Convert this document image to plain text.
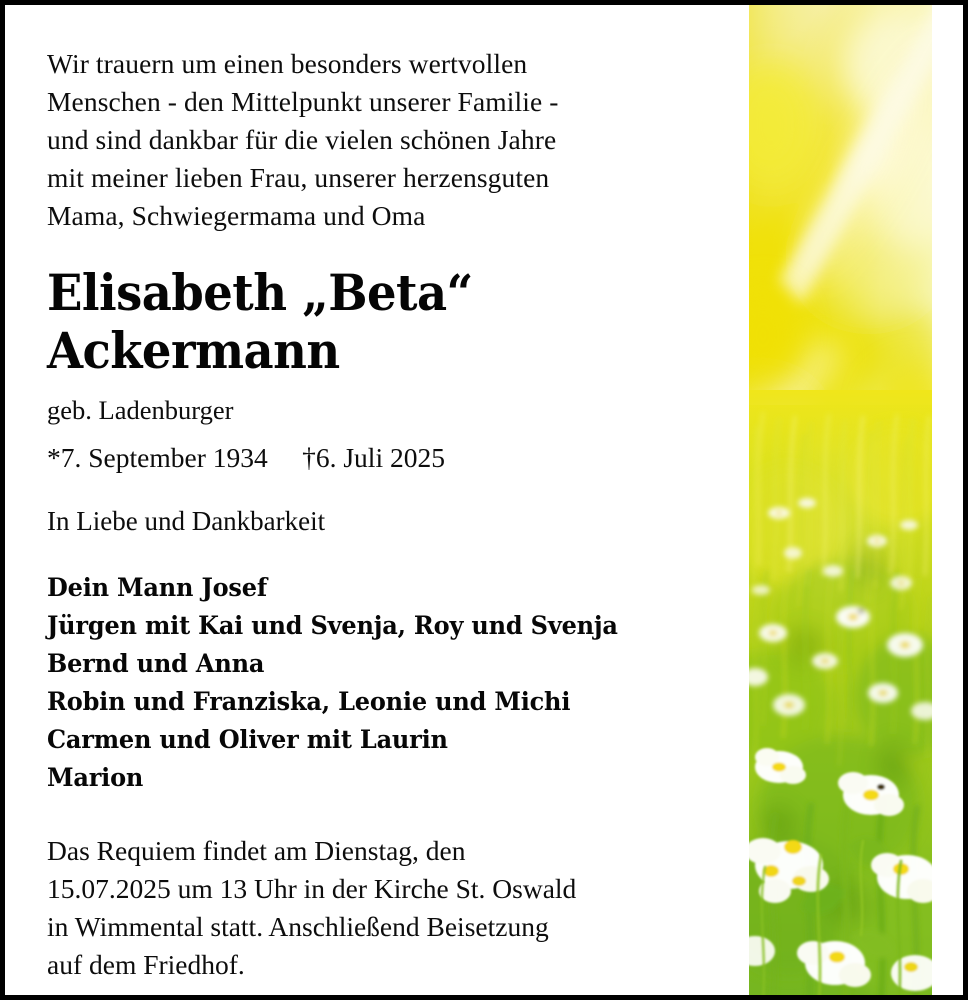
Wir trauern um einen besonders wertvollen
Menschen - den Mittelpunkt unserer Familie -
und sind dankbar für die vielen schönen Jahre
mit meiner lieben Frau, unserer herzensguten
Mama, Schwiegermama und Oma
Elisabeth „Beta“
Ackermann
geb. Ladenburger
*7. September 1934     †6. Juli 2025
In Liebe und Dankbarkeit
Dein Mann Josef
Jürgen mit Kai und Svenja, Roy und Svenja
Bernd und Anna
Robin und Franziska, Leonie und Michi
Carmen und Oliver mit Laurin
Marion
Das Requiem findet am Dienstag, den
15.07.2025 um 13 Uhr in der Kirche St. Oswald
in Wimmental statt. Anschließend Beisetzung
auf dem Friedhof.
